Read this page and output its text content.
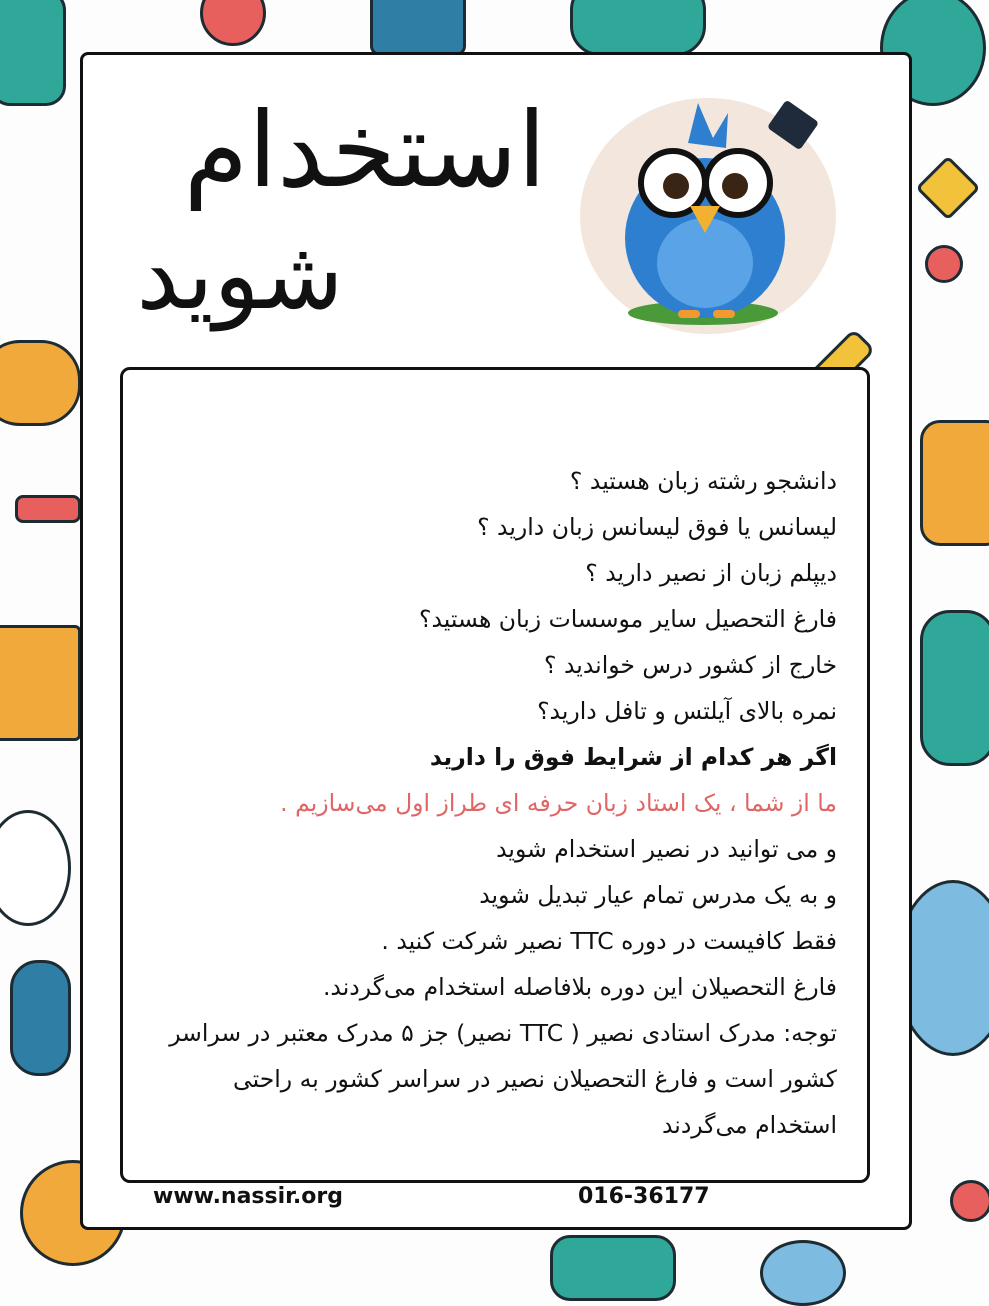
استخدام
شوید

دانشجو رشته زبان هستید ؟

لیسانس یا فوق لیسانس زبان دارید ؟

دیپلم زبان از نصیر دارید ؟

فارغ التحصیل سایر موسسات زبان هستید؟

خارج از کشور درس خواندید ؟

نمره بالای آیلتس و تافل دارید؟

اگر هر کدام از شرایط فوق را دارید

ما از شما ، یک استاد زبان حرفه ای طراز اول می‌سازیم .

و می توانید در نصیر استخدام شوید

و به یک مدرس تمام عیار تبدیل شوید

فقط کافیست در دوره TTC نصیر شرکت کنید .

فارغ التحصیلان این دوره بلافاصله استخدام می‌گردند.

توجه: مدرک استادی نصیر ( TTC نصیر) جز ۵ مدرک معتبر در سراسر کشور است و فارغ التحصیلان نصیر در سراسر کشور به راحتی استخدام می‌گردند

www.nassir.org	016-36177
